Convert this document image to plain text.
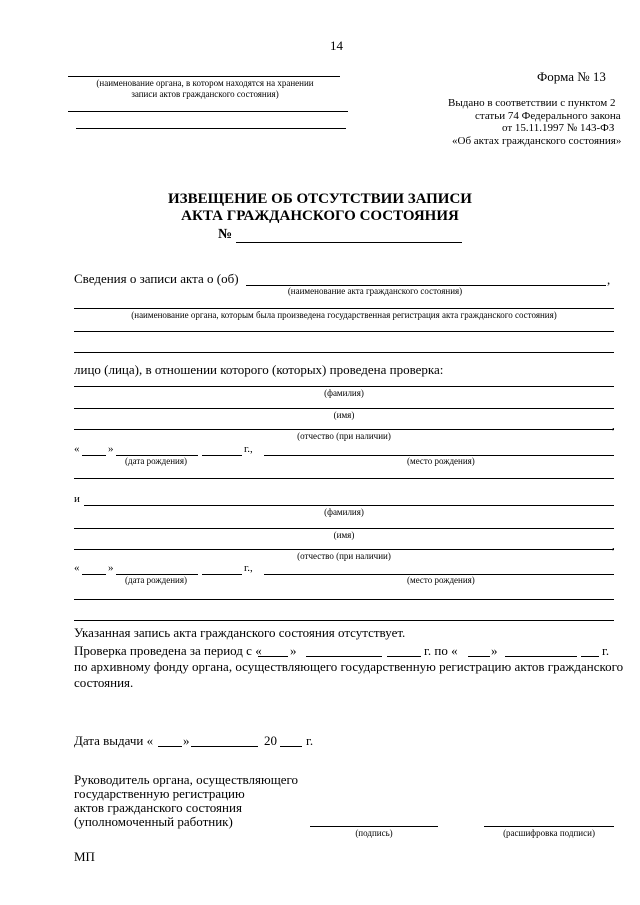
14
(наименование органа, в котором находятся на хранении
записи актов гражданского состояния)
Форма № 13
Выдано в соответствии с пунктом 2
статьи 74 Федерального закона
от 15.11.1997 № 143-ФЗ
«Об актах гражданского состояния»
ИЗВЕЩЕНИЕ ОБ ОТСУТСТВИИ ЗАПИСИ
АКТА ГРАЖДАНСКОГО СОСТОЯНИЯ
№
Сведения о записи акта о (об)	,
(наименование акта гражданского состояния)
(наименование органа, которым была произведена государственная регистрация акта гражданского состояния)
лицо (лица), в отношении которого (которых) проведена проверка:
(фамилия)
(имя)
,
(отчество (при наличии)
«	»	г.,
(дата рождения)	(место рождения)
и
(фамилия)
(имя)
,
(отчество (при наличии)
«	»	г.,
(дата рождения)	(место рождения)
Указанная запись акта гражданского состояния отсутствует.
Проверка проведена за период с « »	г. по «	»	г.
по архивному фонду органа, осуществляющего государственную регистрацию актов гражданского
состояния.
Дата выдачи « »	20 г.
Руководитель органа, осуществляющего
государственную регистрацию
актов гражданского состояния
(уполномоченный работник)
(подпись)	(расшифровка подписи)
МП
